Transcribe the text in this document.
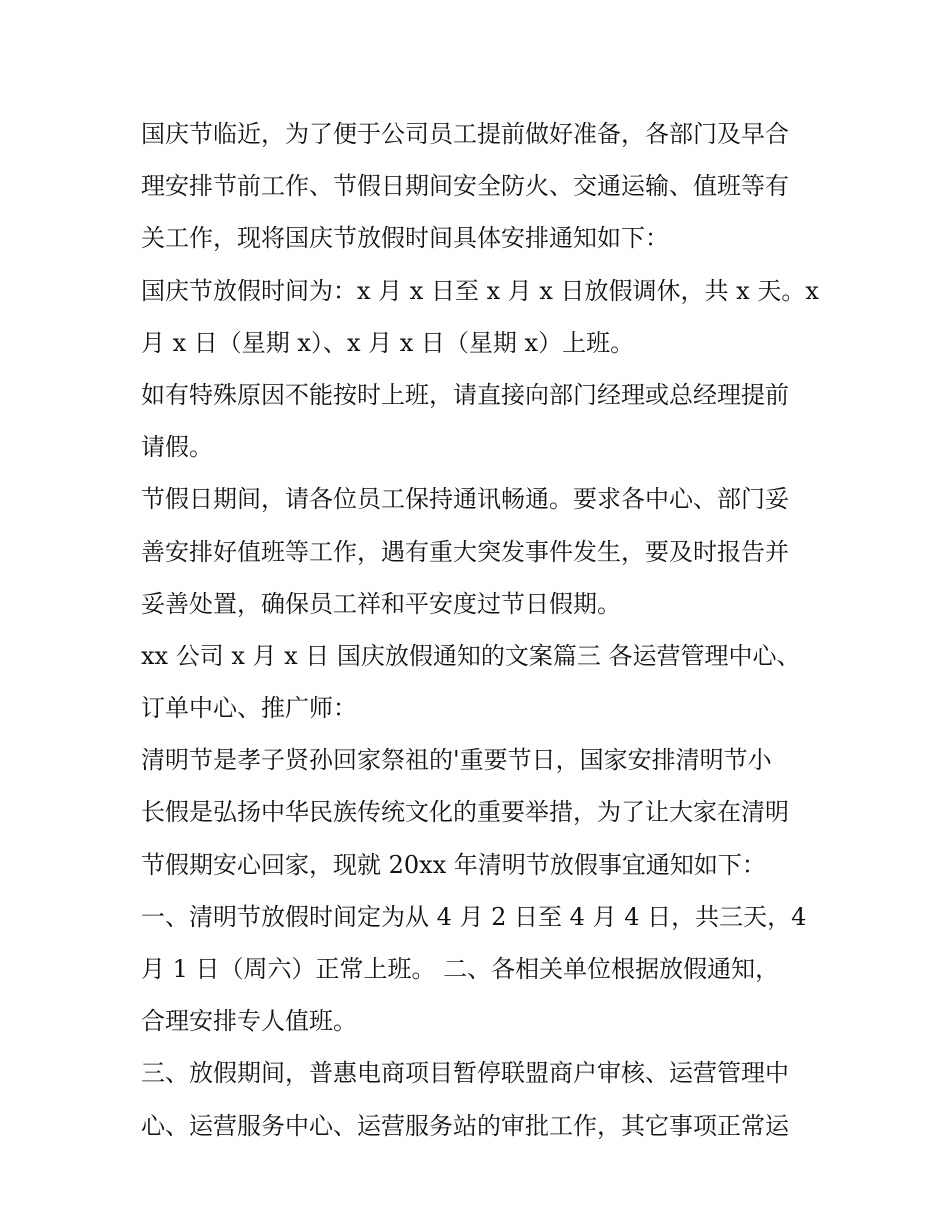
国庆节临近，为了便于公司员工提前做好准备，各部门及早合
理安排节前工作、节假日期间安全防火、交通运输、值班等有
关工作，现将国庆节放假时间具体安排通知如下：
国庆节放假时间为：x 月 x 日至 x 月 x 日放假调休，共 x 天。x
月 x 日（星期 x）、x 月 x 日（星期 x）上班。
如有特殊原因不能按时上班，请直接向部门经理或总经理提前
请假。
节假日期间，请各位员工保持通讯畅通。要求各中心、部门妥
善安排好值班等工作，遇有重大突发事件发生，要及时报告并
妥善处置，确保员工祥和平安度过节日假期。
xx 公司 x 月 x 日 国庆放假通知的文案篇三 各运营管理中心、
订单中心、推广师：
清明节是孝子贤孙回家祭祖的'重要节日，国家安排清明节小
长假是弘扬中华民族传统文化的重要举措，为了让大家在清明
节假期安心回家，现就 20xx 年清明节放假事宜通知如下：
一、清明节放假时间定为从 4 月 2 日至 4 月 4 日，共三天，4
月 1 日（周六）正常上班。 二、各相关单位根据放假通知，
合理安排专人值班。
三、放假期间，普惠电商项目暂停联盟商户审核、运营管理中
心、运营服务中心、运营服务站的审批工作，其它事项正常运
